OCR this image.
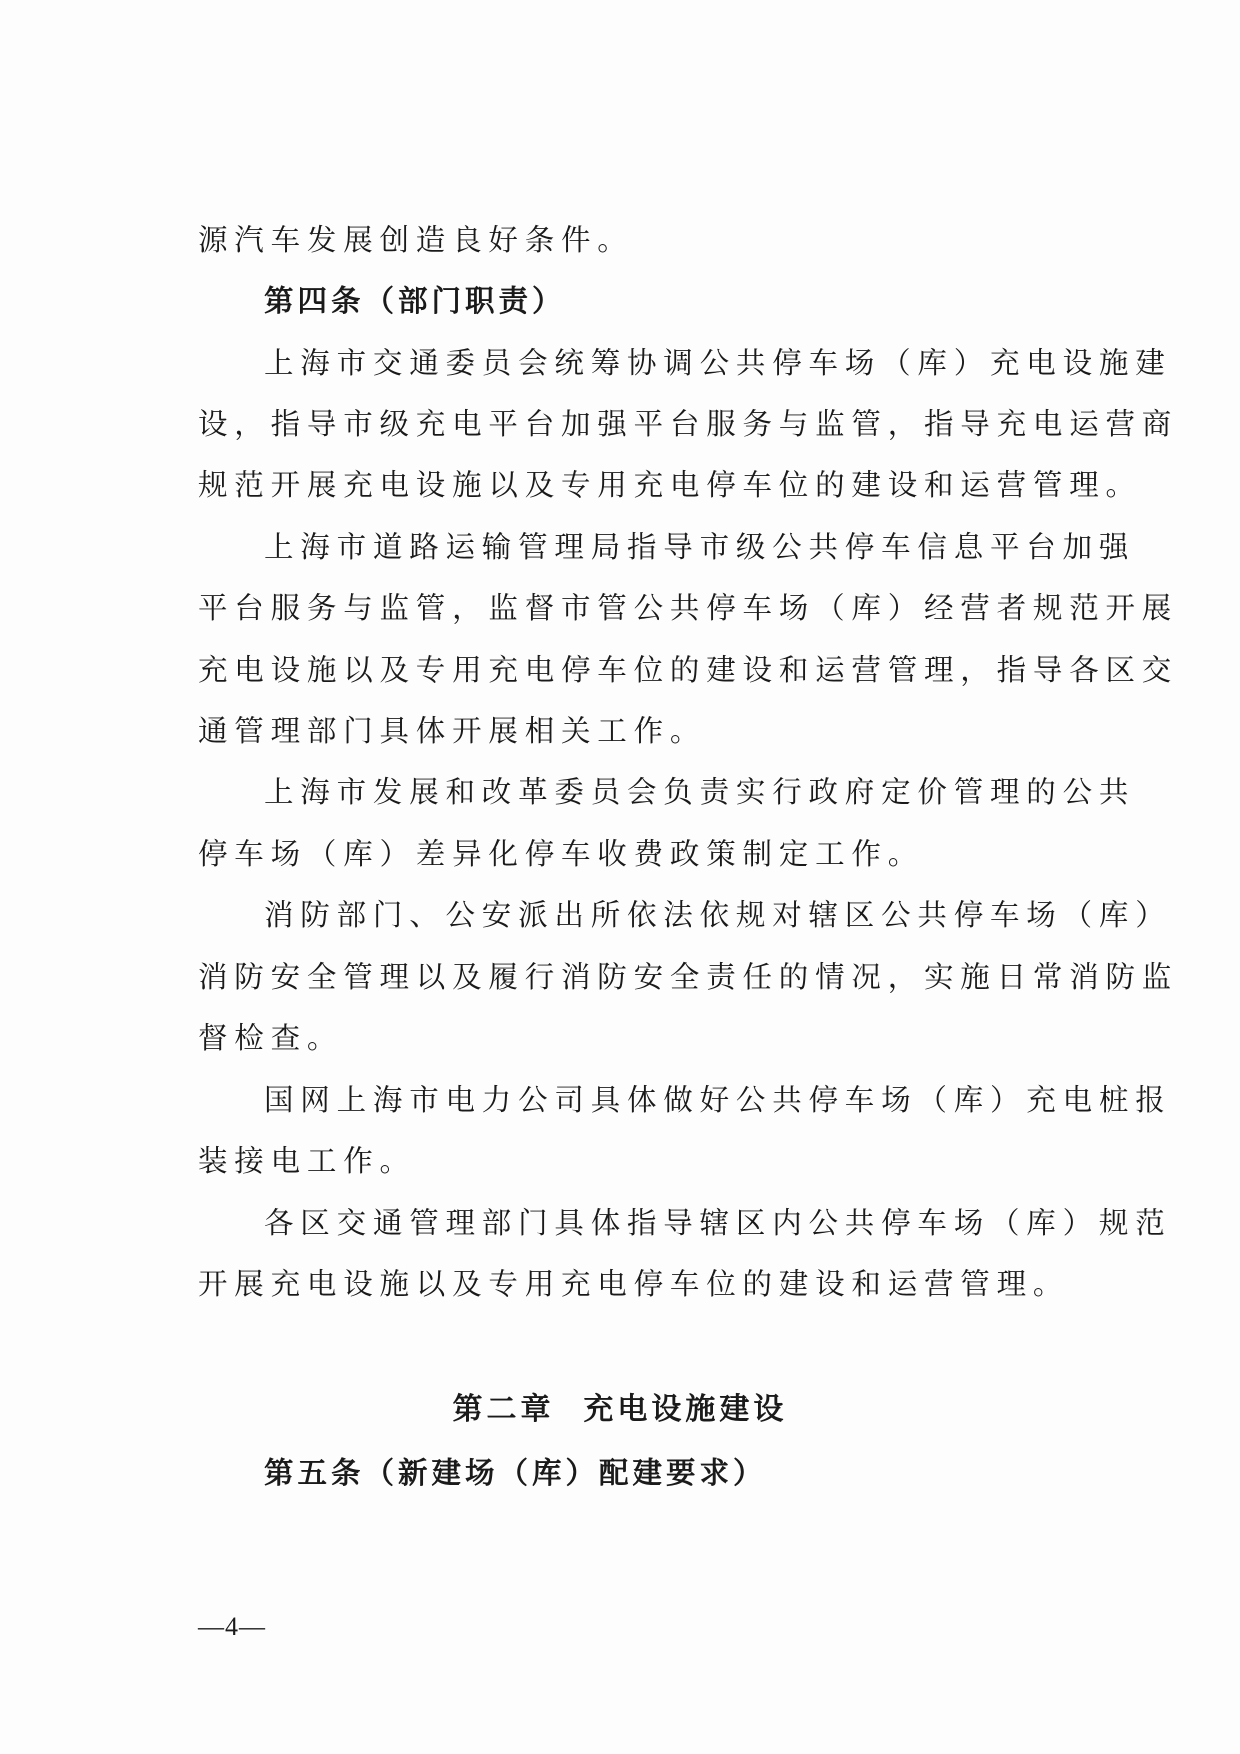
源汽车发展创造良好条件。
第四条（部门职责）
上海市交通委员会统筹协调公共停车场（库）充电设施建
设，指导市级充电平台加强平台服务与监管，指导充电运营商
规范开展充电设施以及专用充电停车位的建设和运营管理。
上海市道路运输管理局指导市级公共停车信息平台加强
平台服务与监管，监督市管公共停车场（库）经营者规范开展
充电设施以及专用充电停车位的建设和运营管理，指导各区交
通管理部门具体开展相关工作。
上海市发展和改革委员会负责实行政府定价管理的公共
停车场（库）差异化停车收费政策制定工作。
消防部门、公安派出所依法依规对辖区公共停车场（库）
消防安全管理以及履行消防安全责任的情况，实施日常消防监
督检查。
国网上海市电力公司具体做好公共停车场（库）充电桩报
装接电工作。
各区交通管理部门具体指导辖区内公共停车场（库）规范
开展充电设施以及专用充电停车位的建设和运营管理。
第二章  充电设施建设
第五条（新建场（库）配建要求）
—4—
